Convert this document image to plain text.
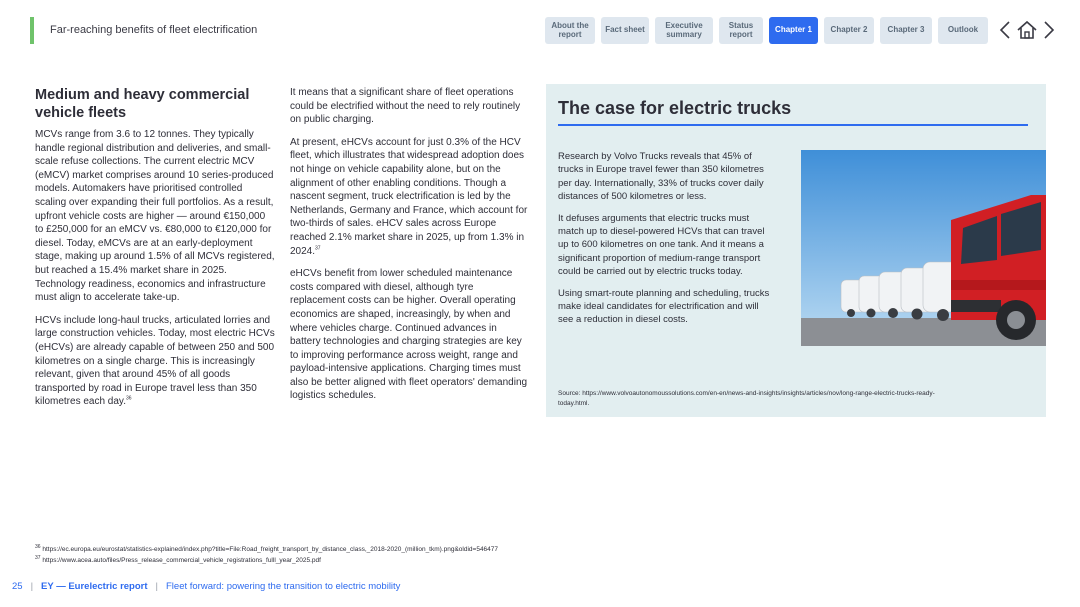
Far-reaching benefits of fleet electrification	About the report	Fact sheet	Executive summary
Status report	Chapter 1	Chapter 2	Chapter 3	Outlook
Medium and heavy commercial vehicle fleets

MCVs range from 3.6 to 12 tonnes. They typically handle regional distribution and deliveries, and small-scale refuse collections. The current electric MCV (eMCV) market comprises around 10 series-produced models. Automakers have prioritised controlled scaling over expanding their full portfolios. As a result, upfront vehicle costs are higher — around €150,000 to £250,000 for an eMCV vs. €80,000 to €120,000 for diesel. Today, eMCVs are at an early-deployment stage, making up around 1.5% of all MCVs registered, but reached a 15.4% market share in 2025. Technology readiness, economics and infrastructure must align to accelerate take-up.

HCVs include long-haul trucks, articulated lorries and large construction vehicles. Today, most electric HCVs (eHCVs) are already capable of between 250 and 500 kilometres on a single charge. This is increasingly relevant, given that around 45% of all goods transported by road in Europe travel less than 350 kilometres each day.$^{36}$

It means that a significant share of fleet operations could be electrified without the need to rely routinely on public charging.

At present, eHCVs account for just 0.3% of the HCV fleet, which illustrates that widespread adoption does not hinge on vehicle capability alone, but on the alignment of other enabling conditions. Though a nascent segment, truck electrification is led by the Netherlands, Germany and France, which account for two-thirds of sales. eHCV sales across Europe reached 2.1% market share in 2025, up from 1.3% in 2024.37

eHCVs benefit from lower scheduled maintenance costs compared with diesel, although tyre replacement costs can be higher. Overall operating economics are shaped, increasingly, by when and where vehicles charge. Continued advances in battery technologies and charging strategies are key to improving performance across weight, range and payload-intensive applications. Charging times must also be better aligned with fleet operators' demanding logistics schedules.

The case for electric trucks

Research by Volvo Trucks reveals that 45% of trucks in Europe travel fewer than 350 kilometres per day. Internationally, 33% of trucks cover daily distances of 500 kilometres or less.

It defuses arguments that electric trucks must match up to diesel-powered HCVs that can travel up to 600 kilometres on one tank. And it means a significant proportion of medium-range transport could be carried out by electric trucks today.

Using smart-route planning and scheduling, trucks make ideal candidates for electrification and will see a reduction in diesel costs.

Source: https://www.volvoautonomoussolutions.com/en-en/news-and-insights/insights/articles/nov/long-range-electric-trucks-ready-today.html.
$^{36}$ https://ec.europa.eu/eurostat/statistics-explained/index.php?title=File:Road_freight_transport_by_distance_class,_2018-2020_(million_tkm).png&oldid=546477
$^{37}$ https://www.acea.auto/files/Press_release_commercial_vehicle_registrations_fulll_year_2025.pdf
25 | EY — Eurelectric report | Fleet forward: powering the transition to electric mobility
